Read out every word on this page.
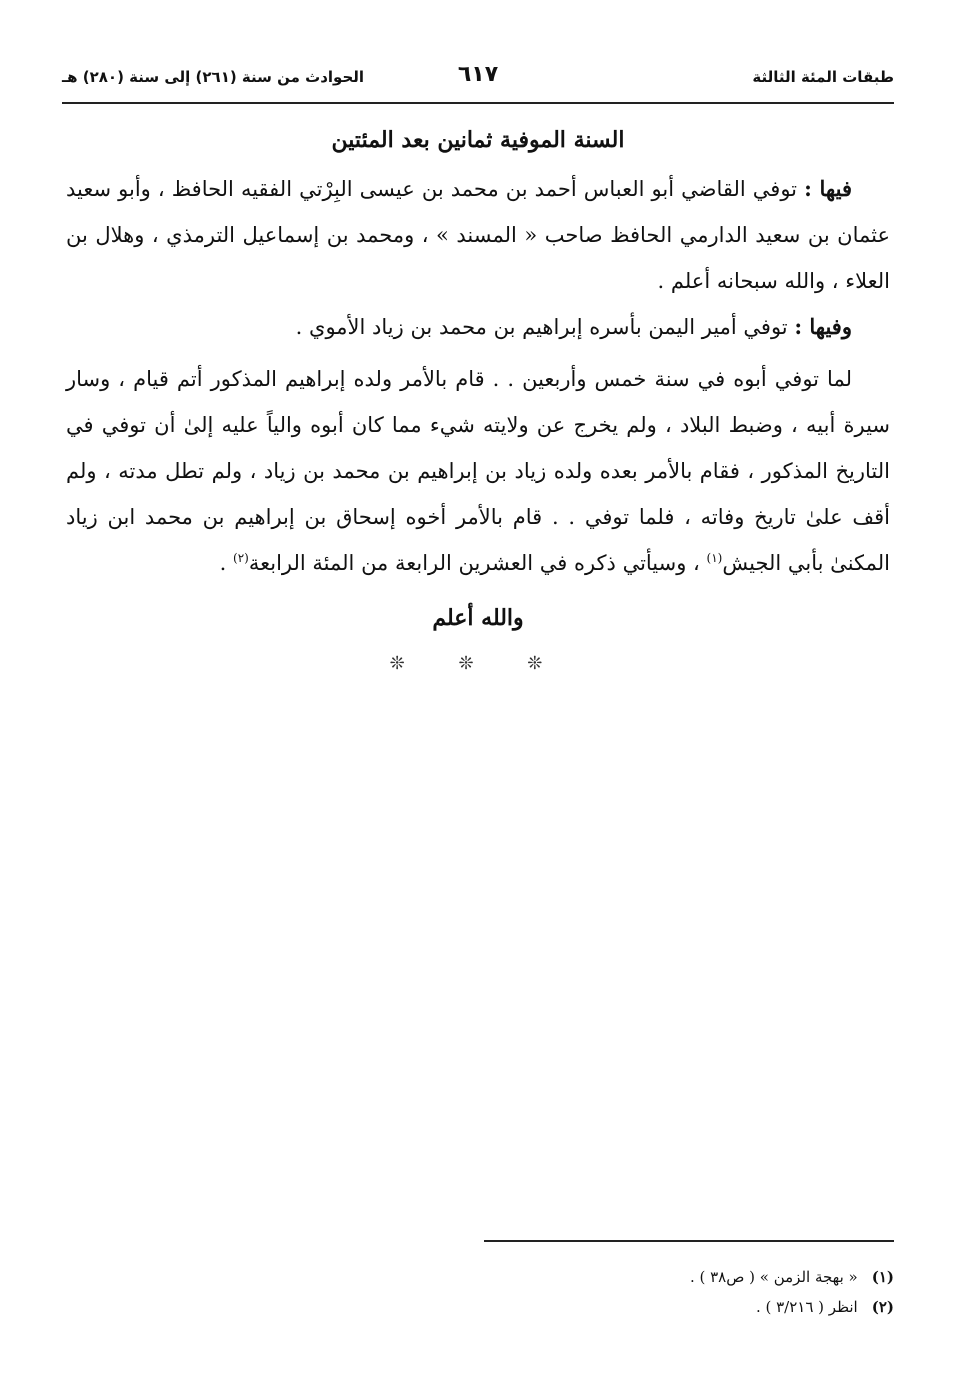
طبقات المئة الثالثة
٦١٧
الحوادث من سنة (٢٦١) إلى سنة (٢٨٠) هـ
السنة الموفية ثمانين بعد المئتين

فيها : توفي القاضي أبو العباس أحمد بن محمد بن عيسى البِرْتي الفقيه الحافظ ، وأبو سعيد عثمان بن سعيد الدارمي الحافظ صاحب « المسند » ، ومحمد بن إسماعيل الترمذي ، وهلال بن العلاء ، والله سبحانه أعلم .

وفيها : توفي أمير اليمن بأسره إبراهيم بن محمد بن زياد الأموي .

لما توفي أبوه في سنة خمس وأربعين . . قام بالأمر ولده إبراهيم المذكور أتم قيام ، وسار سيرة أبيه ، وضبط البلاد ، ولم يخرج عن ولايته شيء مما كان أبوه والياً عليه إلىٰ أن توفي في التاريخ المذكور ، فقام بالأمر بعده ولده زياد بن إبراهيم بن محمد بن زياد ، ولم تطل مدته ، ولم أقف علىٰ تاريخ وفاته ، فلما توفي . . قام بالأمر أخوه إسحاق بن إبراهيم بن محمد ابن زياد المكنىٰ بأبي الجيش$^{(١)}$ ، وسيأتي ذكره في العشرين الرابعة من المئة الرابعة$^{(٢)}$ .

والله أعلم
❊ ❊ ❊
(١)« بهجة الزمن » ( ص٣٨ ) .
(٢)انظر ( ٣/٢١٦ ) .
